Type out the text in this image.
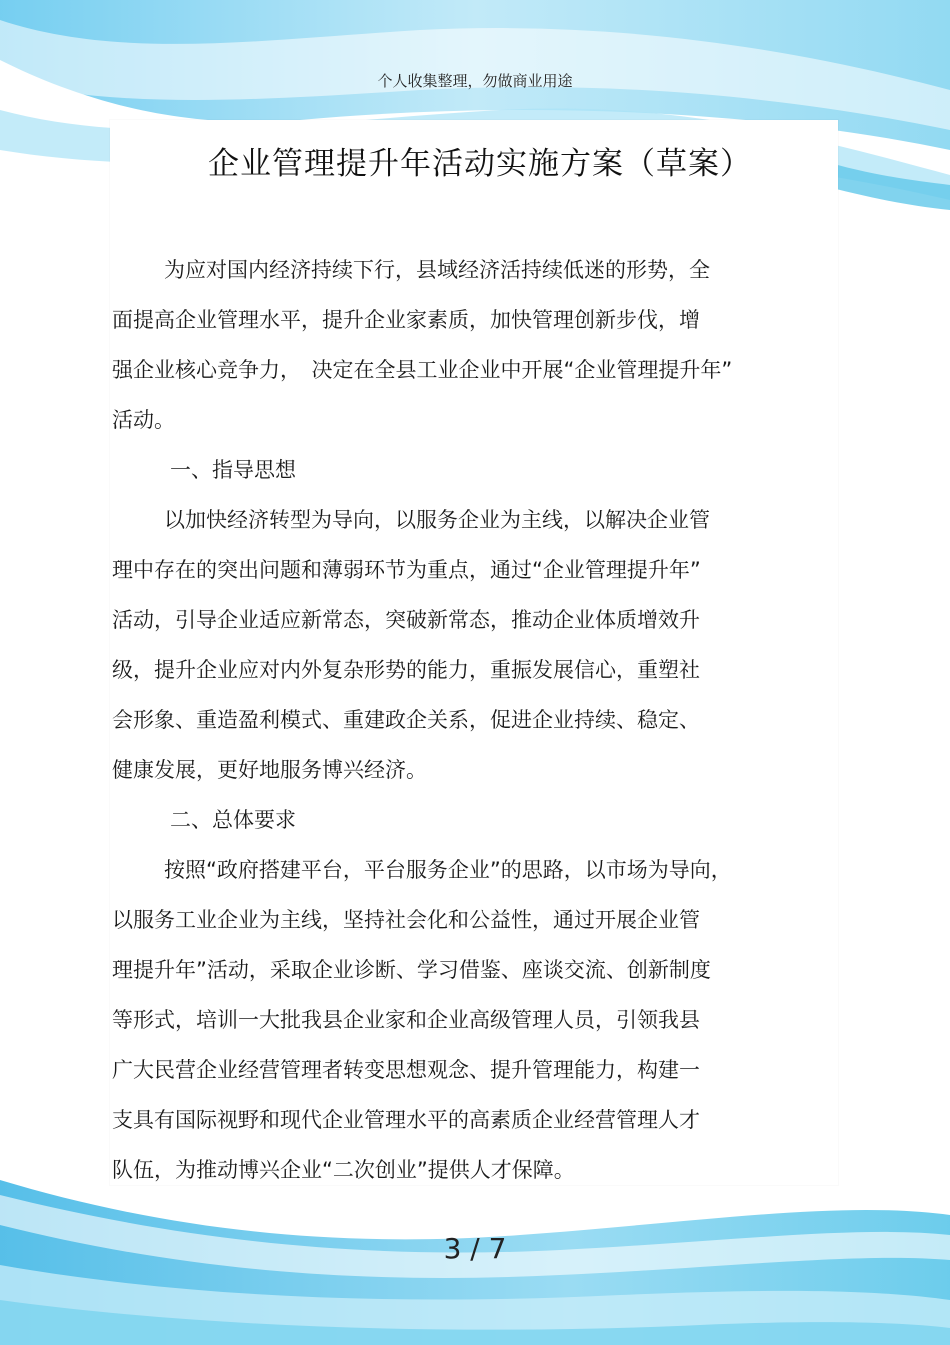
个人收集整理，勿做商业用途
企业管理提升年活动实施方案（草案）
为应对国内经济持续下行，县域经济活持续低迷的形势，全
面提高企业管理水平，提升企业家素质，加快管理创新步伐，增
强企业核心竞争力，　决定在全县工业企业中开展“企业管理提升年”
活动。
一、指导思想
以加快经济转型为导向，以服务企业为主线，以解决企业管
理中存在的突出问题和薄弱环节为重点，通过“企业管理提升年”
活动，引导企业适应新常态，突破新常态，推动企业体质增效升
级，提升企业应对内外复杂形势的能力，重振发展信心，重塑社
会形象、重造盈利模式、重建政企关系，促进企业持续、稳定、
健康发展，更好地服务博兴经济。
二、总体要求
按照“政府搭建平台，平台服务企业”的思路，以市场为导向，
以服务工业企业为主线，坚持社会化和公益性，通过开展企业管
理提升年”活动，采取企业诊断、学习借鉴、座谈交流、创新制度
等形式，培训一大批我县企业家和企业高级管理人员，引领我县
广大民营企业经营管理者转变思想观念、提升管理能力，构建一
支具有国际视野和现代企业管理水平的高素质企业经营管理人才
队伍，为推动博兴企业“二次创业”提供人才保障。
3 / 7
